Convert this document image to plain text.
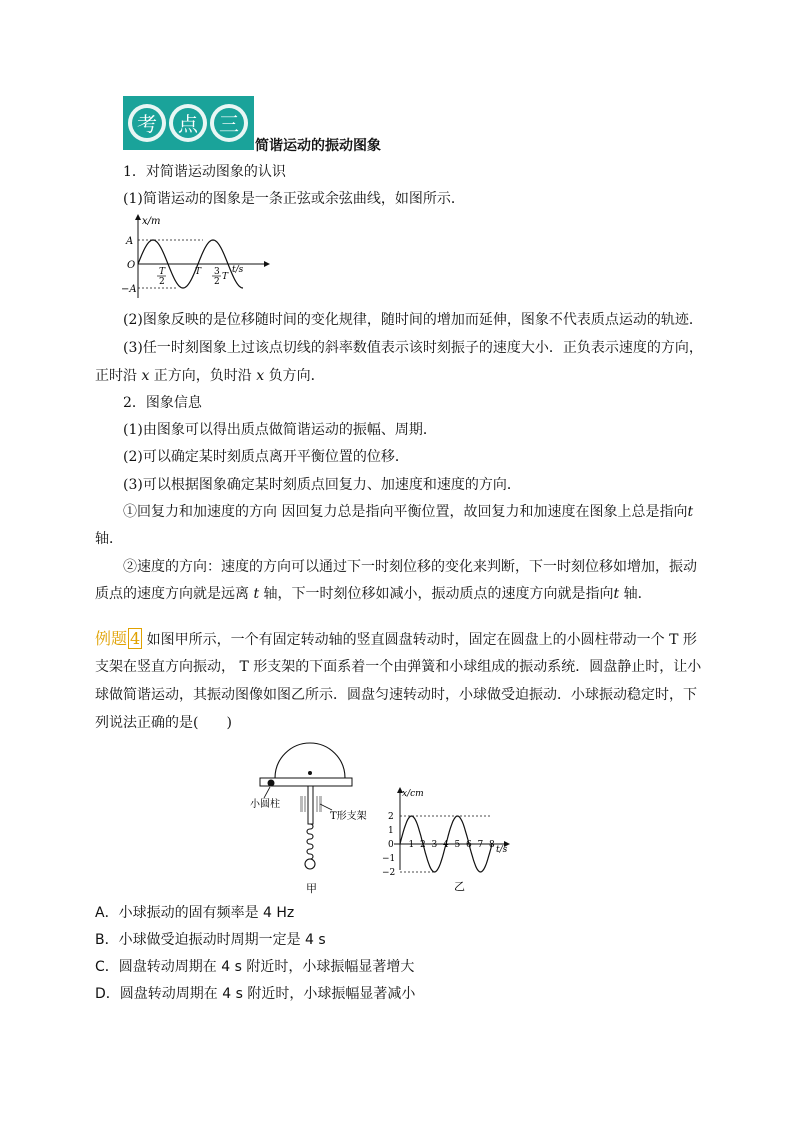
考 点 三
简谐运动的振动图象
1．对简谐运动图象的认识
(1)简谐运动的图象是一条正弦或余弦曲线，如图所示．
x/m
A
O
−A
T
2
T 3
2 T
t/s
(2)图象反映的是位移随时间的变化规律，随时间的增加而延伸，图象不代表质点运动的轨迹．
(3)任一时刻图象上过该点切线的斜率数值表示该时刻振子的速度大小．正负表示速度的方向，
正时沿 x 正方向，负时沿 x 负方向．
2．图象信息
(1)由图象可以得出质点做简谐运动的振幅、周期．
(2)可以确定某时刻质点离开平衡位置的位移．
(3)可以根据图象确定某时刻质点回复力、加速度和速度的方向．
①回复力和加速度的方向 因回复力总是指向平衡位置，故回复力和加速度在图象上总是指向t
轴．
②速度的方向：速度的方向可以通过下一时刻位移的变化来判断，下一时刻位移如增加，振动
质点的速度方向就是远离 t 轴，下一时刻位移如减小，振动质点的速度方向就是指向t 轴．
例题 4 如图甲所示，一个有固定转动轴的竖直圆盘转动时，固定在圆盘上的小圆柱带动一个 T 形
支架在竖直方向振动， T 形支架的下面系着一个由弹簧和小球组成的振动系统．圆盘静止时，让小
球做简谐运动，其振动图像如图乙所示．圆盘匀速转动时，小球做受迫振动．小球振动稳定时，下
列说法正确的是(　　)
小圆柱
T形支架
甲
2
1
0
−1
−2
1 2 3 4 5 6 7 8
x/cm
t/s
乙
A．小球振动的固有频率是 4 Hz
B．小球做受迫振动时周期一定是 4 s
C．圆盘转动周期在 4 s 附近时，小球振幅显著增大
D．圆盘转动周期在 4 s 附近时，小球振幅显著减小
